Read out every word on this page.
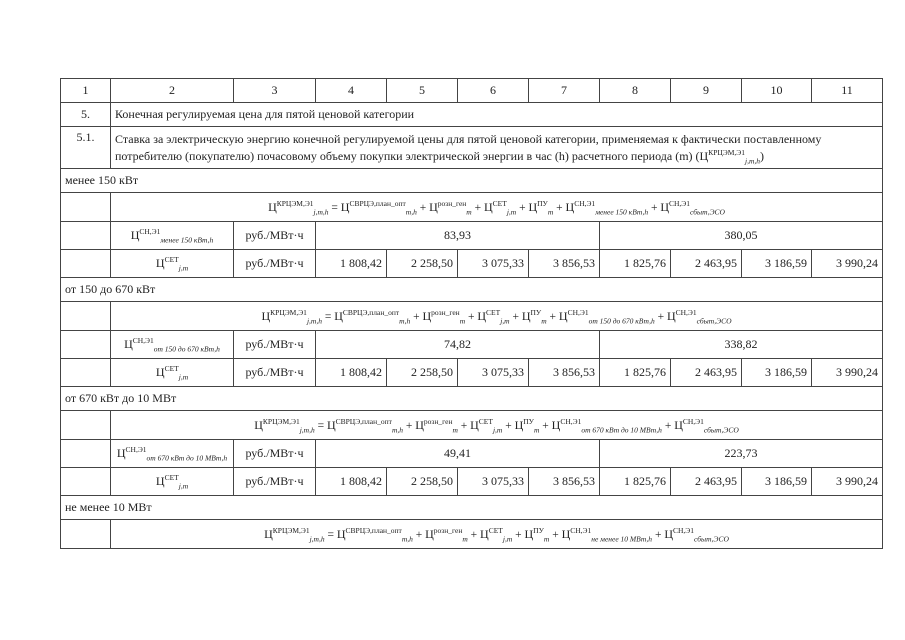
1	2	3	4	5	6	7	8	9	10	11
5.	Конечная регулируемая цена для пятой ценовой категории									
5.1.	Ставка за электрическую энергию конечной регулируемой цены для пятой ценовой категории, применяемая к фактически поставленному
потребителю (покупателю) почасовому объему покупки электрической энергии в час (h) расчетного периода (m) $(Ц^{КРЦЭМ,Э1}_{j,m,h})$									
менее 150 кВт										
	$Ц^{КРЦЭМ,Э1}_{j,m,h} = Ц^{СВРЦЭ,план\_опт}_{m,h} + Ц^{розн\_ген}_m + Ц^{СЕТ}_{j,m} + Ц^{ПУ}_m + Ц^{СН,Э1}_{менее 150 кВт,h} + Ц^{СН,Э1}_{сбыт,ЭСО}$
	$Ц^{СН,Э1}_{менее 150 кВт,h}$	руб./МВт·ч	83,93				380,05			
	$Ц^{СЕТ}_{j,m}$	руб./МВт·ч	1 808,42	2 258,50	3 075,33	3 856,53	1 825,76	2 463,95	3 186,59	3 990,24
от 150 до 670 кВт										
	$Ц^{КРЦЭМ,Э1}_{j,m,h} = Ц^{СВРЦЭ,план\_опт}_{m,h} + Ц^{розн\_ген}_m + Ц^{СЕТ}_{j,m} + Ц^{ПУ}_m + Ц^{СН,Э1}_{от 150 до 670 кВт,h} + Ц^{СН,Э1}_{сбыт,ЭСО}$
	$Ц^{СН,Э1}_{от 150 до 670 кВт,h}$	руб./МВт·ч	74,82				338,82			
	$Ц^{СЕТ}_{j,m}$	руб./МВт·ч	1 808,42	2 258,50	3 075,33	3 856,53	1 825,76	2 463,95	3 186,59	3 990,24
от 670 кВт до 10 МВт										
	$Ц^{КРЦЭМ,Э1}_{j,m,h} = Ц^{СВРЦЭ,план\_опт}_{m,h} + Ц^{розн\_ген}_m + Ц^{СЕТ}_{j,m} + Ц^{ПУ}_m + Ц^{СН,Э1}_{от 670 кВт до 10 МВт,h} + Ц^{СН,Э1}_{сбыт,ЭСО}$
	$Ц^{СН,Э1}_{от 670 кВт до 10 МВт,h}$	руб./МВт·ч	49,41				223,73			
	$Ц^{СЕТ}_{j,m}$	руб./МВт·ч	1 808,42	2 258,50	3 075,33	3 856,53	1 825,76	2 463,95	3 186,59	3 990,24
не менее 10 МВт										
	$Ц^{КРЦЭМ,Э1}_{j,m,h} = Ц^{СВРЦЭ,план\_опт}_{m,h} + Ц^{розн\_ген}_m + Ц^{СЕТ}_{j,m} + Ц^{ПУ}_m + Ц^{СН,Э1}_{не менее 10 МВт,h} + Ц^{СН,Э1}_{сбыт,ЭСО}$
